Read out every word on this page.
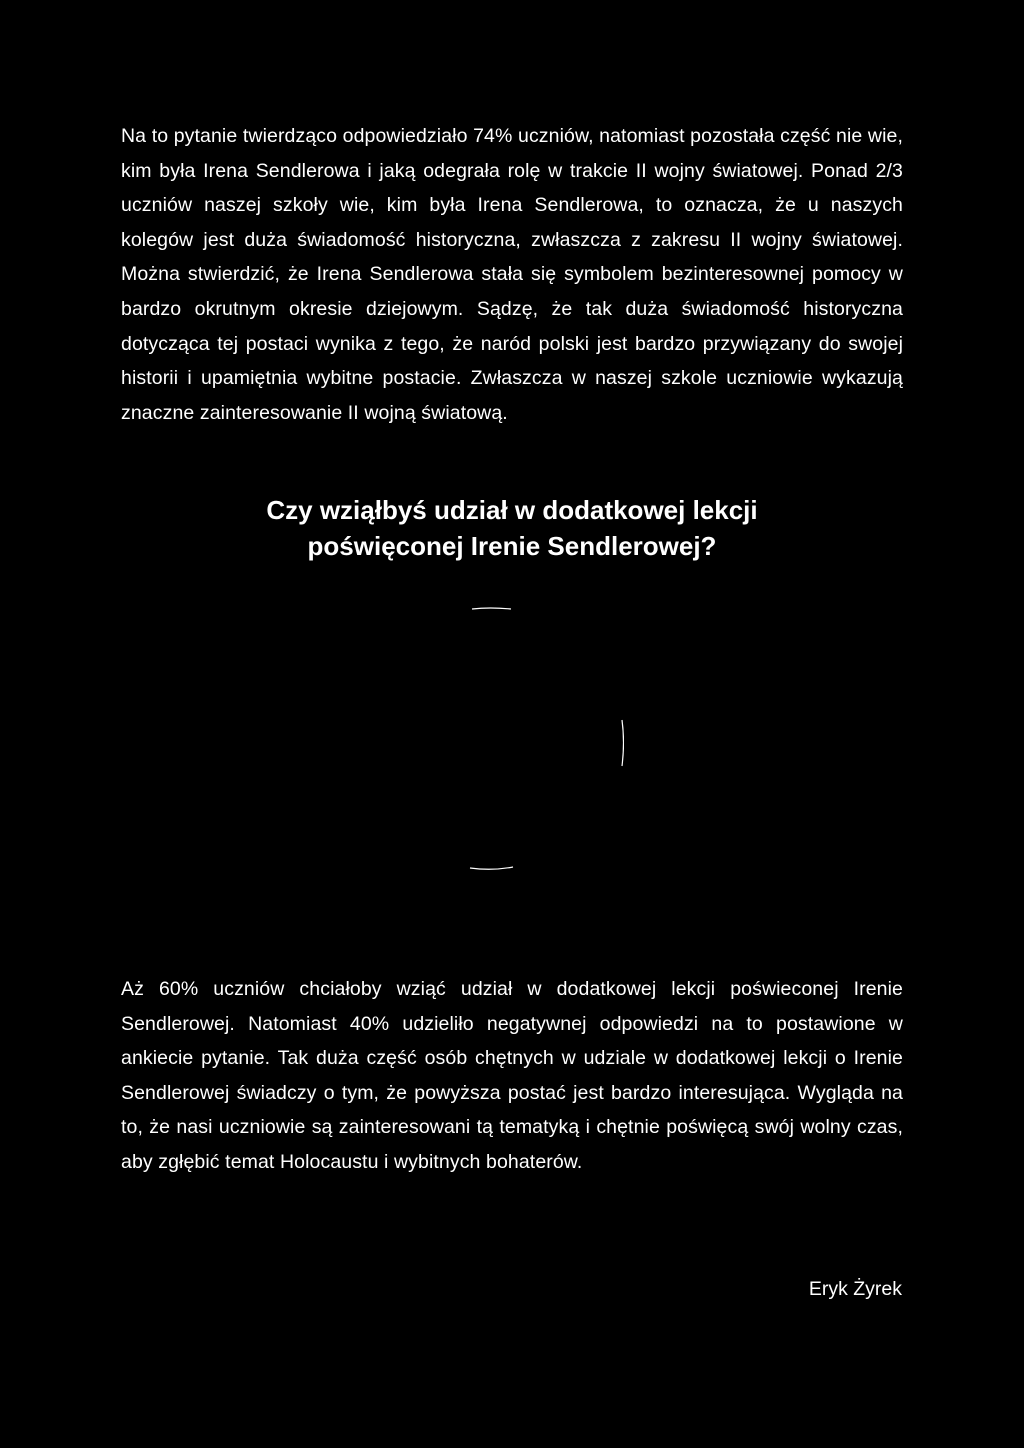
Na to pytanie twierdząco odpowiedziało 74% uczniów, natomiast pozostała część nie wie, kim była Irena Sendlerowa i jaką odegrała rolę w trakcie II wojny światowej. Ponad 2/3 uczniów naszej szkoły wie, kim była Irena Sendlerowa, to oznacza, że u naszych kolegów jest duża świadomość historyczna, zwłaszcza z zakresu II wojny światowej. Można stwierdzić, że Irena Sendlerowa stała się symbolem bezinteresownej pomocy w bardzo okrutnym okresie dziejowym. Sądzę, że tak duża świadomość historyczna dotycząca tej postaci wynika z tego, że naród polski jest bardzo przywiązany do swojej historii i upamiętnia wybitne postacie. Zwłaszcza w naszej szkole uczniowie wykazują znaczne zainteresowanie II wojną światową.

Czy wziąłbyś udział w dodatkowej lekcji
poświęconej Irenie Sendlerowej?

Aż 60% uczniów chciałoby wziąć udział w dodatkowej lekcji poświeconej Irenie Sendlerowej. Natomiast 40% udzieliło negatywnej odpowiedzi na to postawione w ankiecie pytanie. Tak duża część osób chętnych w udziale w dodatkowej lekcji o Irenie Sendlerowej świadczy o tym, że powyższa postać jest bardzo interesująca. Wygląda na to, że nasi uczniowie są zainteresowani tą tematyką i chętnie poświęcą swój wolny czas, aby zgłębić temat Holocaustu i wybitnych bohaterów.

Eryk Żyrek
